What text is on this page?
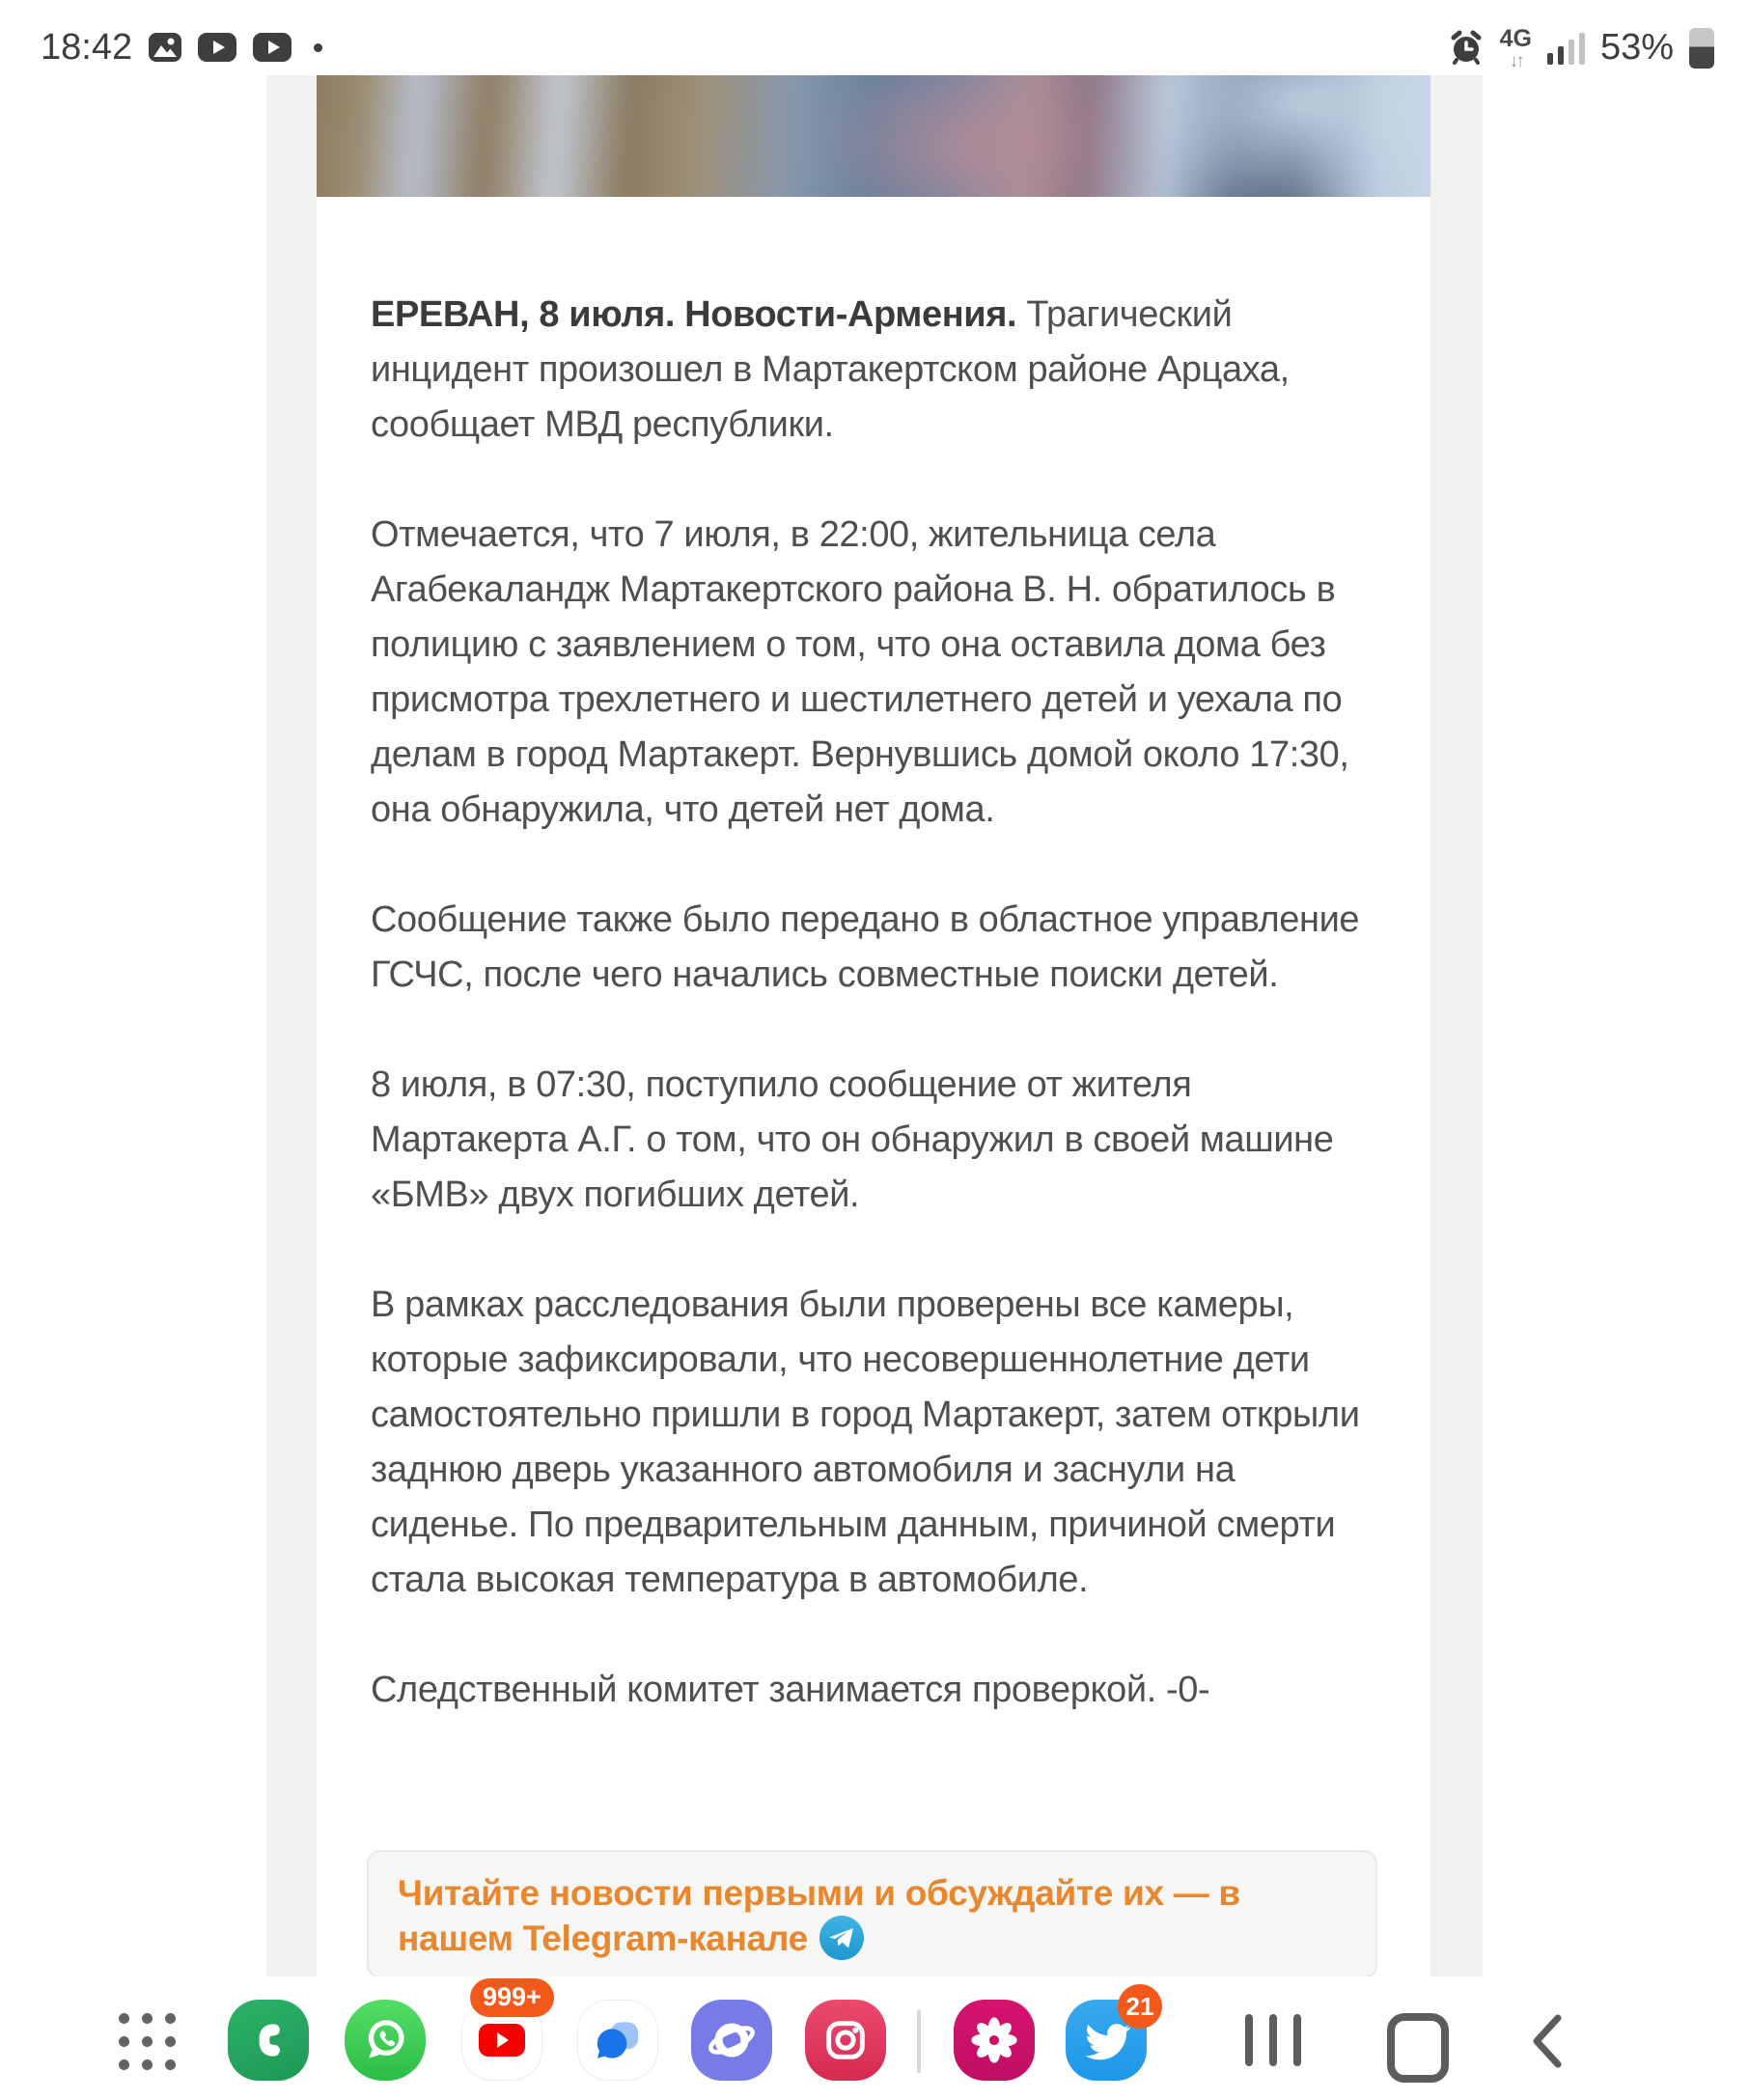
18:42	4G
↓↑ 53%

ЕРЕВАН, 8 июля. Новости-Армения. Трагический инцидент произошел в Мартакертском районе Арцаха, сообщает МВД республики.

Отмечается, что 7 июля, в 22:00, жительница села Агабекаландж Мартакертского района В. Н. обратилось в полицию с заявлением о том, что она оставила дома без присмотра трехлетнего и шестилетнего детей и уехала по делам в город Мартакерт. Вернувшись домой около 17:30, она обнаружила, что детей нет дома.

Сообщение также было передано в областное управление ГСЧС, после чего начались совместные поиски детей.

8 июля, в 07:30, поступило сообщение от жителя Мартакерта А.Г. о том, что он обнаружил в своей машине «БМВ» двух погибших детей.

В рамках расследования были проверены все камеры, которые зафиксировали, что несовершеннолетние дети самостоятельно пришли в город Мартакерт, затем открыли заднюю дверь указанного автомобиля и заснули на сиденье. По предварительным данным, причиной смерти стала высокая температура в автомобиле.

Следственный комитет занимается проверкой. -0-

Читайте новости первыми и обсуждайте их — в нашем Telegram-канале
999+	21
